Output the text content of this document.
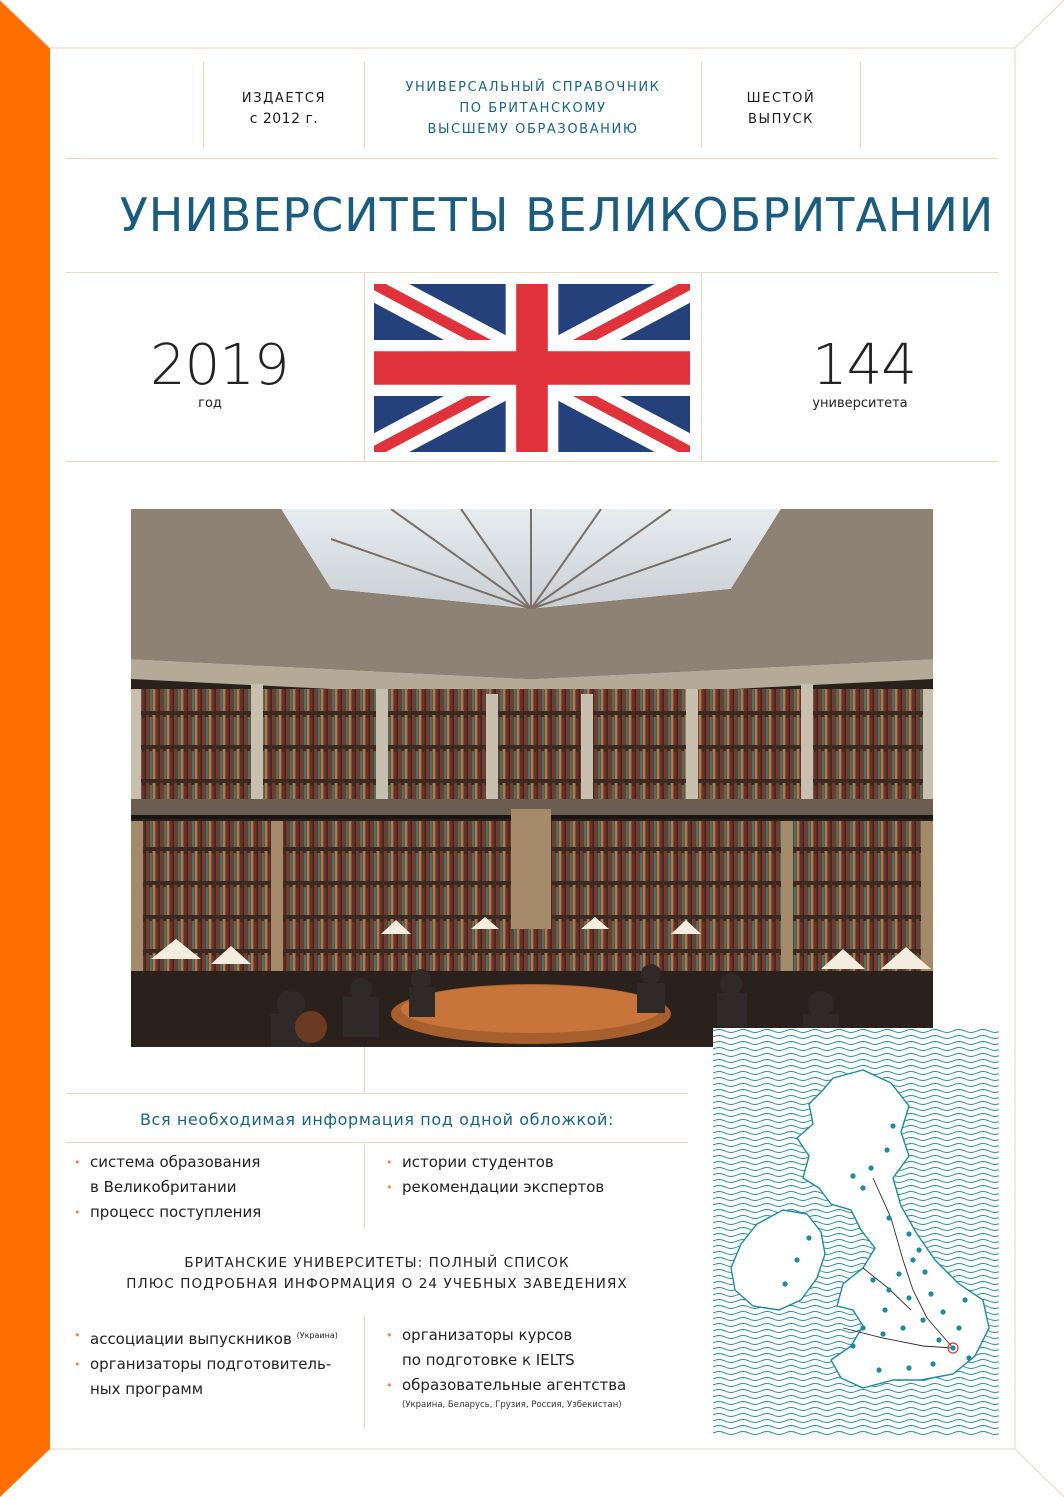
ИЗДАЕТСЯ
с 2012 г.
УНИВЕРСАЛЬНЫЙ СПРАВОЧНИК
ПО БРИТАНСКОМУ
ВЫСШЕМУ ОБРАЗОВАНИЮ
ШЕСТОЙ
ВЫПУСК
УНИВЕРСИТЕТЫ ВЕЛИКОБРИТАНИИ
2019
год
144
университета
Вся необходимая информация под одной обложкой:
• система образования
в Великобритании
• процесс поступления
• истории студентов
• рекомендации экспертов
БРИТАНСКИЕ УНИВЕРСИТЕТЫ: ПОЛНЫЙ СПИСОК
ПЛЮС ПОДРОБНАЯ ИНФОРМАЦИЯ О 24 УЧЕБНЫХ ЗАВЕДЕНИЯХ
• ассоциации выпускников $^{(Украина)}$
• организаторы подготовитель-
ных программ
• организаторы курсов
по подготовке к IELTS
• образовательные агентства
(Украина, Беларусь, Грузия, Россия, Узбекистан)
